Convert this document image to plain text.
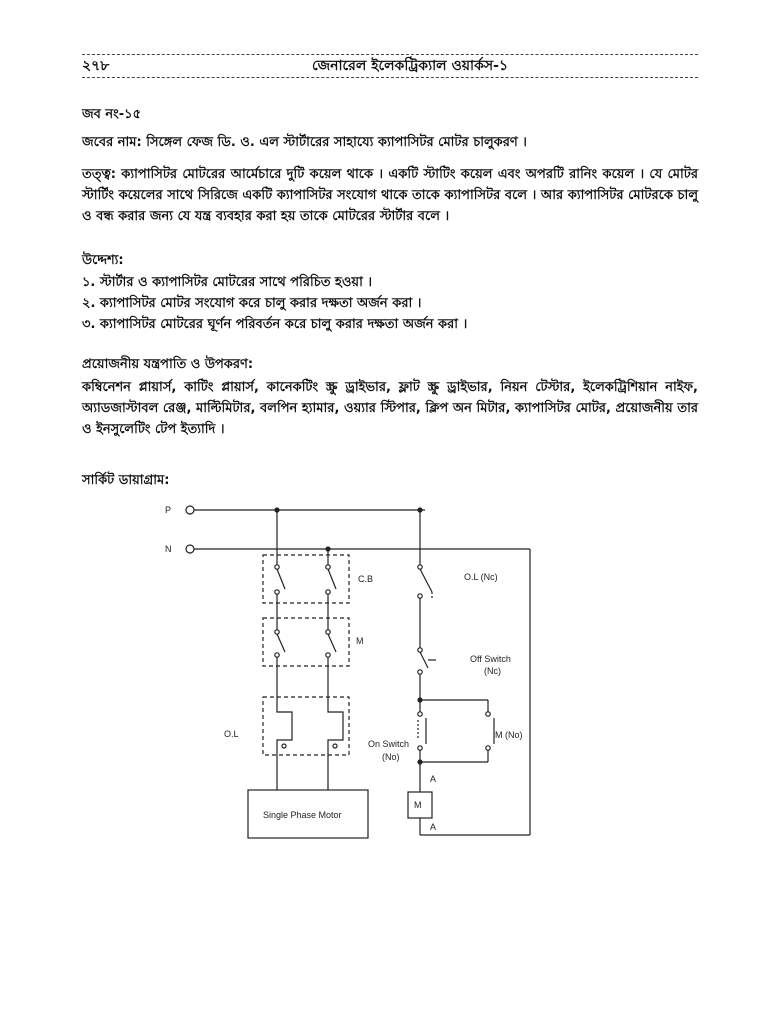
২৭৮	জেনারেল ইলেকট্রিক্যাল ওয়ার্কস-১
জব নং-১৫
জবের নাম: সিঙ্গেল ফেজ ডি. ও. এল স্টার্টারের সাহায্যে ক্যাপাসিটর মোটর চালুকরণ ।
তত্ত্ব: ক্যাপাসিটর মোটরের আর্মেচারে দুটি কয়েল থাকে । একটি স্টাটিং কয়েল এবং অপরটি রানিং কয়েল । যে মোটর স্টার্টিং কয়েলের সাথে সিরিজে একটি ক্যাপাসিটর সংযোগ থাকে তাকে ক্যাপাসিটর বলে । আর ক্যাপাসিটর মোটরকে চালু ও বন্ধ করার জন্য যে যন্ত্র ব্যবহার করা হয় তাকে মোটরের স্টার্টার বলে ।
উদ্দেশ্য:
১. স্টার্টার ও ক্যাপাসিটর মোটরের সাথে পরিচিত হওয়া ।
২. ক্যাপাসিটর মোটর সংযোগ করে চালু করার দক্ষতা অর্জন করা ।
৩. ক্যাপাসিটর মোটরের ঘূর্ণন পরিবর্তন করে চালু করার দক্ষতা অর্জন করা ।
প্রয়োজনীয় যন্ত্রপাতি ও উপকরণ:
কম্বিনেশন প্লায়ার্স, কাটিং প্লায়ার্স, কানেকটিং স্ক্রু ড্রাইভার, ফ্লাট স্ক্রু ড্রাইভার, নিয়ন টেস্টার, ইলেকট্রিশিয়ান নাইফ, অ্যাডজাস্টাবল রেঞ্জ, মাল্টিমিটার, বলপিন হ্যামার, ওয়্যার স্টিপার, ক্লিপ অন মিটার, ক্যাপাসিটর মোটর, প্রয়োজনীয় তার ও ইনসুলেটিং টেপ ইত্যাদি ।
সার্কিট ডায়াগ্রাম:
P
N
C.B
M
O.L
O.L (Nc)
Off Switch
(Nc)
On Switch
(No)
M (No)
A
A
M
Single Phase Motor
